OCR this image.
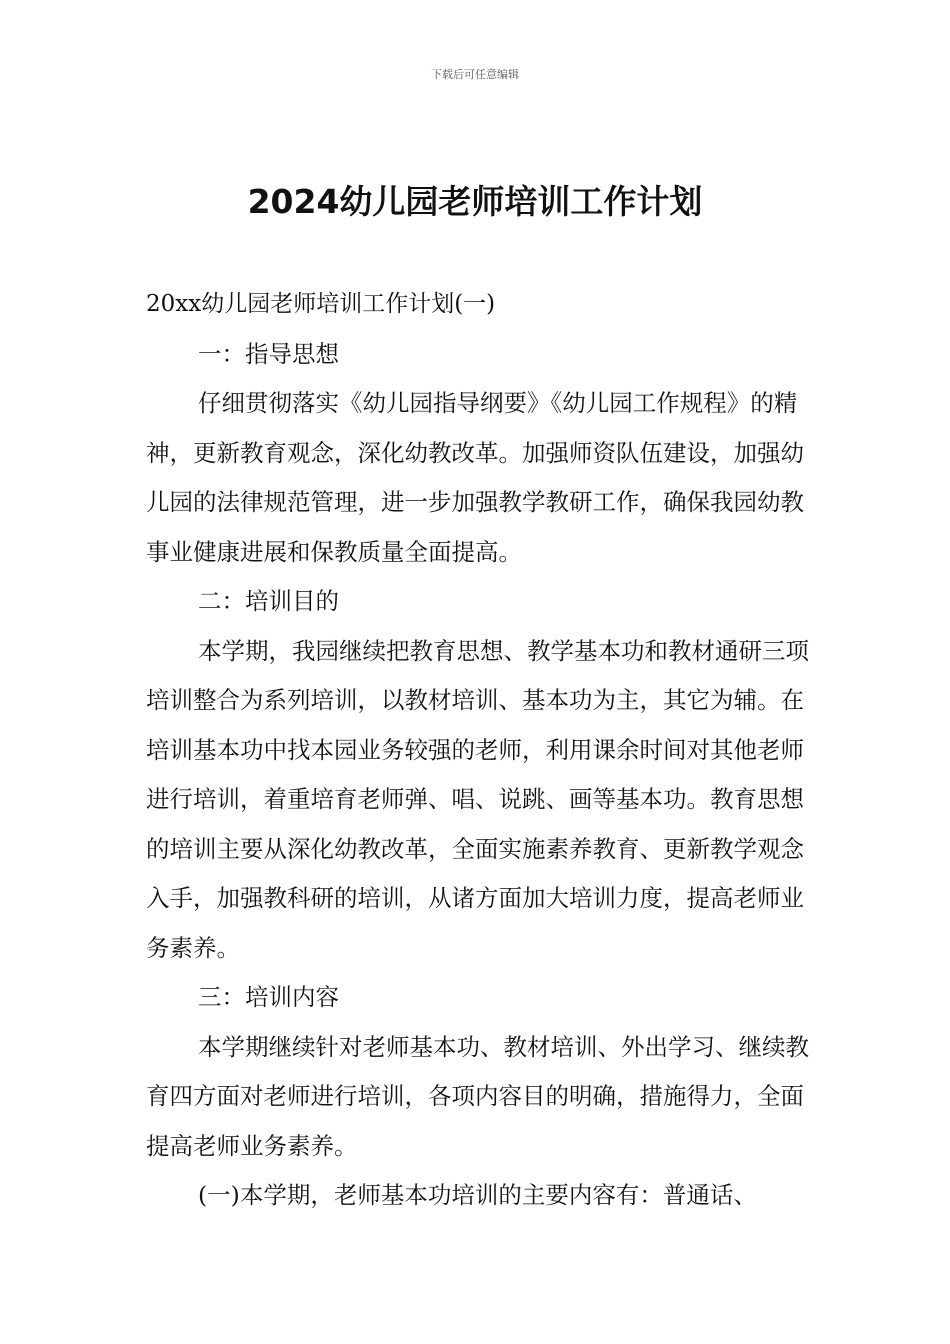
下载后可任意编辑
2024幼儿园老师培训工作计划

20xx幼儿园老师培训工作计划(一)

一：指导思想

仔细贯彻落实《幼儿园指导纲要》《幼儿园工作规程》的精神，更新教育观念，深化幼教改革。加强师资队伍建设，加强幼儿园的法律规范管理，进一步加强教学教研工作，确保我园幼教事业健康进展和保教质量全面提高。

二：培训目的

本学期，我园继续把教育思想、教学基本功和教材通研三项培训整合为系列培训，以教材培训、基本功为主，其它为辅。在培训基本功中找本园业务较强的老师，利用课余时间对其他老师进行培训，着重培育老师弹、唱、说跳、画等基本功。教育思想的培训主要从深化幼教改革，全面实施素养教育、更新教学观念入手，加强教科研的培训，从诸方面加大培训力度，提高老师业务素养。

三：培训内容

本学期继续针对老师基本功、教材培训、外出学习、继续教育四方面对老师进行培训，各项内容目的明确，措施得力，全面提高老师业务素养。

(一)本学期，老师基本功培训的主要内容有：普通话、
